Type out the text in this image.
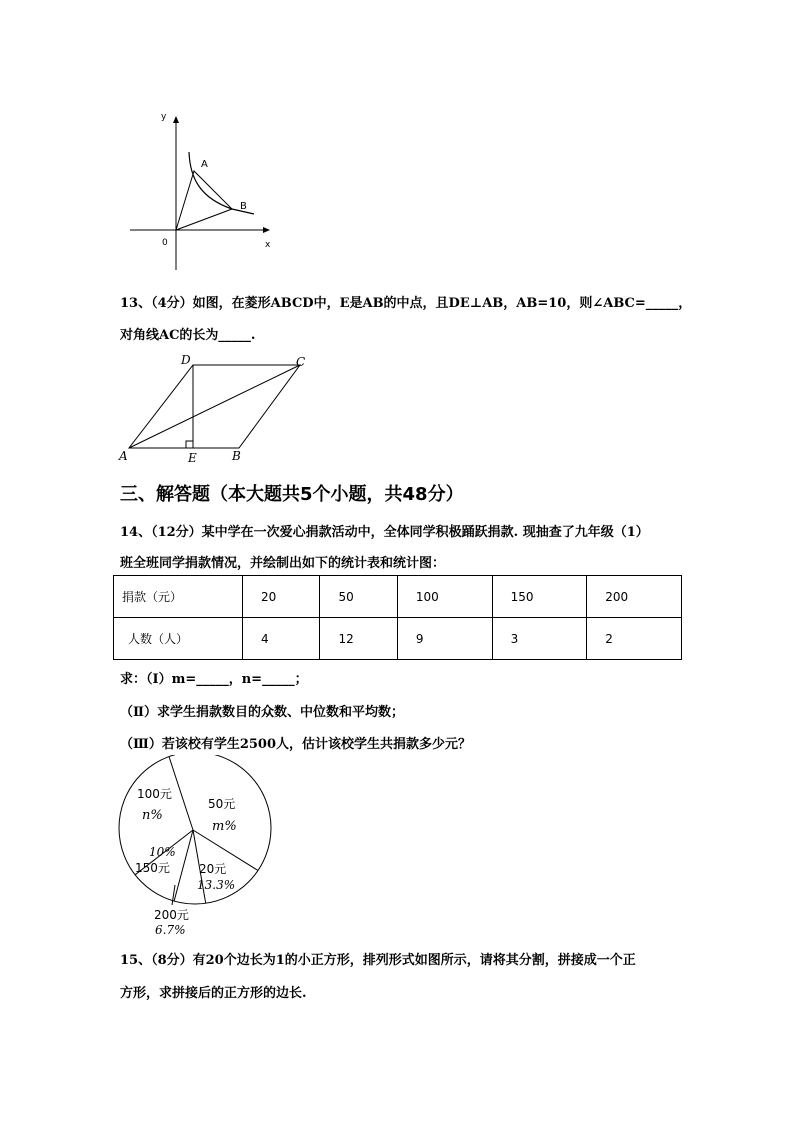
y
x
0
A
B
13、（4分）如图，在菱形ABCD中，E是AB的中点，且DE⊥AB，AB=10，则∠ABC=_____，
对角线AC的长为_____.
D	C
A	E	B
三、解答题（本大题共5个小题，共48分）
14、（12分）某中学在一次爱心捐款活动中，全体同学积极踊跃捐款. 现抽查了九年级（1）
班全班同学捐款情况，并绘制出如下的统计表和统计图：
捐款（元）	20	50	100	150	200
人数（人）	4	12	9	3	2
求：（Ⅰ）m=_____，n=_____；
（Ⅱ）求学生捐款数目的众数、中位数和平均数；
（Ⅲ）若该校有学生2500人，估计该校学生共捐款多少元？
100元
n%
50元
m%
10%
150元 20元
13.3%
200元
6.7%
15、（8分）有20个边长为1的小正方形，排列形式如图所示，请将其分割，拼接成一个正
方形，求拼接后的正方形的边长.
